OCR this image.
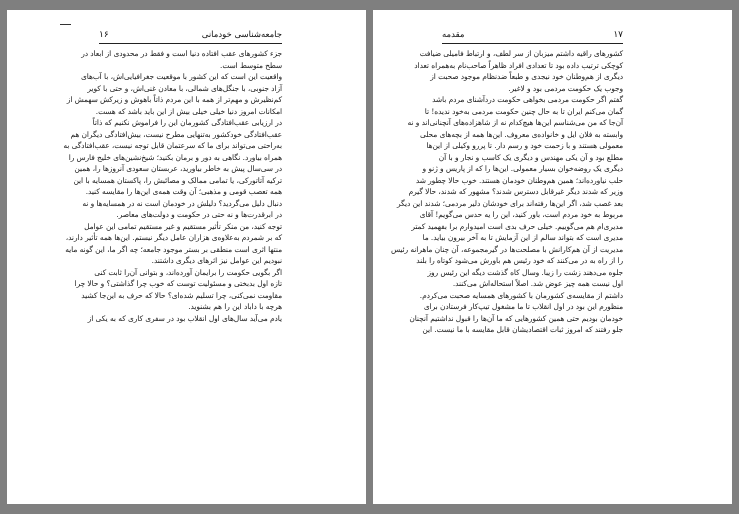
۱۶	جامعه‌شناسی خودمانی
جزء کشورهای عقب افتاده دنیا است و فقط در محدودی از ابعاد در
سطح متوسط است.
واقعیت این است که این کشور با موقعیت جغرافیایی‌اش، با آب‌های
آزاد جنوبی، با جنگل‌های شمالی، با معادن غنی‌اش، و حتی با کویر
کم‌نظیرش و مهم‌تر از همه با این مردم ذاتاً باهوش و زیرکش سهمش از
امکانات امروز دنیا خیلی خیلی بیش از این باید باشد که هست.
در ارزیابی عقب‌افتادگی کشورمان این را فراموش نکنیم که ذاتاً
عقب‌افتادگی خودکشور به‌تنهایی مطرح نیست، بیش‌افتادگی دیگران هم
به‌راحتی می‌تواند برای ما که سرعتمان قابل توجه نیست، عقب‌افتادگی به
همراه بیاورد. نگاهی به دور و برمان بکنید؛ شیخ‌نشین‌های خلیج فارس را
در سی‌سال پیش به خاطر بیاورید، عربستان سعودی آنروزها را، همین
ترکیه آتاتورکی، یا تمامی ممالک و مصائبش را، پاکستان همسایه با این
همه تعصب قومی و مذهبی؛ آن وقت همه‌ی این‌ها را مقایسه کنید.
دنبال دلیل می‌گردید؟ دلیلش در خودمان است نه در همسایه‌ها و نه
در ابرقدرت‌ها و نه حتی در حکومت و دولت‌های معاصر.
توجه کنید، من منکر تأثیر مستقیم و غیر مستقیم تمامی این عوامل
که بر شمردم به‌علاوه‌ی هزاران عامل دیگر نیستم. این‌ها همه تأثیر دارند،
منتها اثری است منطقی بر بستر موجود جامعه؛ چه اگر ما، این گونه مایه
نبودیم این عوامل نیز اثرهای دیگری داشتند.
اگر بگویی حکومت را برایمان آورده‌اند، و بتوانی آن‌را ثابت کنی
تازه اول بدبختی و مسئولیت توست که خوب چرا گذاشتی؟ و حالا چرا
مقاومت نمی‌کنی، چرا تسلیم شده‌ای؟ حالا که حرف به این‌جا کشید
هرچه با داباد این را هم بشنوید.
یادم می‌آید سال‌های اول انقلاب بود در سفری کاری که به یکی از
مقدمه	۱۷
کشورهای راقیه داشتم میزبان از سر لطف، و ارتباط فامیلی ضیافت
کوچکی ترتیب داده بود تا تعدادی افراد ظاهراً صاحب‌نام به‌همراه تعداد
دیگری از هم‌وطنان خود نیجدی و طبعاً ضدنظام موجود صحبت از
وجوب یک حکومت مردمی بود و لاغیر.
گفتم اگر حکومت مردمی بخواهی حکومت دردآشنای مردم باشد
گمان می‌کنم ایران تا به حال چنین حکومت مردمی به‌خود ندیده! تا
آن‌جا که من می‌شناسم این‌ها هیچ‌کدام نه از شاهزاده‌های آنچنانی‌اند و نه
وابسته به فلان ایل و خانواده‌ی معروف. این‌ها همه از بچه‌های محلی
معمولی هستند و با زحمت خود و رسم دار. تا پررو وکیلی از این‌ها
مطلع بود و آن یکی مهندس و دیگری یک کاسب و نجار و با آن
دیگری یک روضه‌خوان بسیار معمولی. این‌ها را که از پاریس و ژنو و
حلب نیاورده‌اند؛ همین هم‌وطنان خودمان هستند. خوب حالا چطور شد
وزیر که شدند دیگر غیرقابل دسترس شدند؟ مشهور که شدند، حالا گیرم
بعد غصب شد، اگر این‌ها رفته‌اند برای خودشان دلیر مردمی؛ شدند این دیگر
مربوط به خود مردم است، باور کنید، این را یه حدس می‌گویم! آقای
مدیری‌ام هم می‌گوییم. خیلی حرف بدی است امیدوارم برا بفهمید کمتر
مدیری است که بتواند سالم از این آزمایش تا به آخر بیرون بیاید. ما
مدیریت از آن هم‌کارانش با مصلحت‌ها در گیرمجموعه، آن چنان ماهرانه رئیس
را از راه به در می‌کنند که خود رئیس هم باورش می‌شود کوتاه را بلند
جلوه می‌دهند زشت را زیبا. وسال کاه گذشت دیگه این رئیس روز
اول نیست همه چیز عوض شد. اصلاً استحاله‌اش می‌کنند.
داشتم از مقایسه‌ی کشورمان با کشورهای همسایه صحبت می‌کردم.
منظورم این بود در اول انقلاب تا ما مشغول تیپ‌کار فرستادن برای
خودمان بودیم حتی همین کشورهایی که ما آن‌ها را قبول نداشتیم آنچنان
جلو رفتند که امروز ثبات اقتصادیشان قابل مقایسه با ما نیست. این
